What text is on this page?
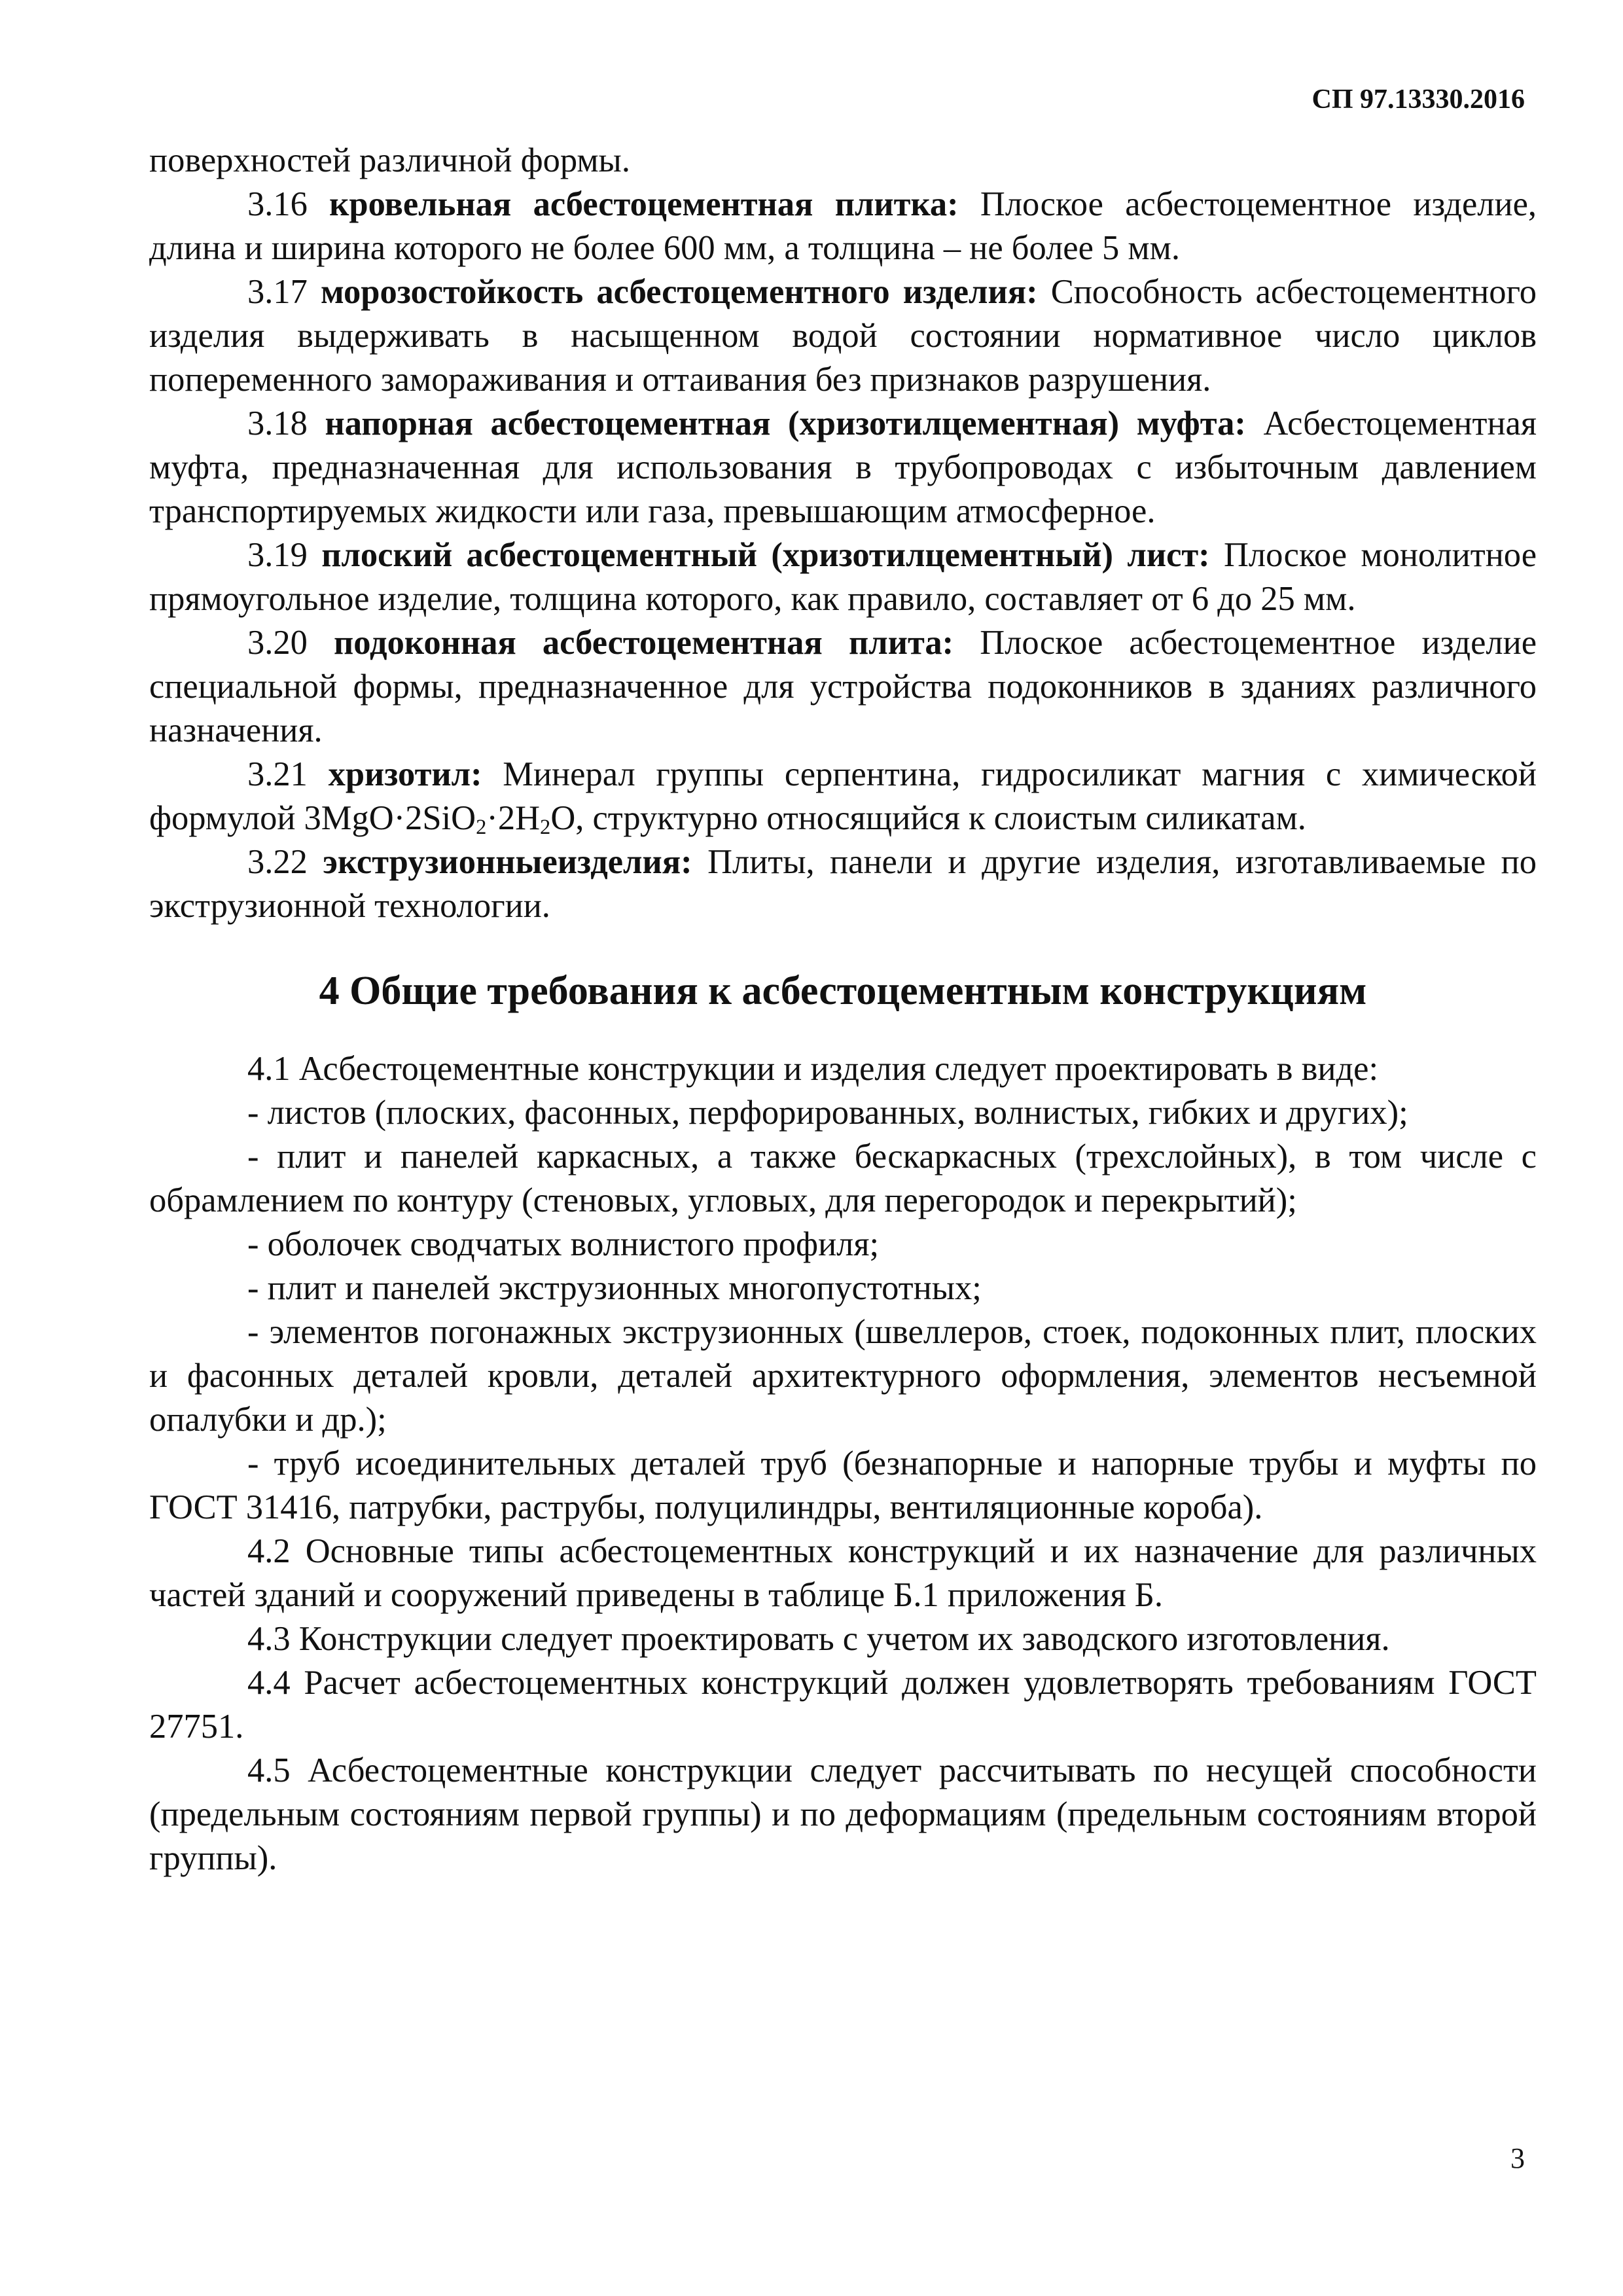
СП 97.13330.2016

поверхностей различной формы.

3.16 кровельная асбестоцементная плитка: Плоское асбестоцементное изделие, длина и ширина которого не более 600 мм, а толщина – не более 5 мм.

3.17 морозостойкость асбестоцементного изделия: Способность асбестоцементного изделия выдерживать в насыщенном водой состоянии нормативное число циклов попеременного замораживания и оттаивания без признаков разрушения.

3.18 напорная асбестоцементная (хризотилцементная) муфта: Асбестоцементная муфта, предназначенная для использования в трубопроводах с избыточным давлением транспортируемых жидкости или газа, превышающим атмосферное.

3.19 плоский асбестоцементный (хризотилцементный) лист: Плоское монолитное прямоугольное изделие, толщина которого, как правило, составляет от 6 до 25 мм.

3.20 подоконная асбестоцементная плита: Плоское асбестоцементное изделие специальной формы, предназначенное для устройства подоконников в зданиях различного назначения.

3.21 хризотил: Минерал группы серпентина, гидросиликат магния с химической формулой $3MgO\cdot 2SiO_2\cdot 2H_2O$, структурно относящийся к слоистым силикатам.

3.22 экструзионныеизделия: Плиты, панели и другие изделия, изготавливаемые по экструзионной технологии.

4 Общие требования к асбестоцементным конструкциям

4.1 Асбестоцементные конструкции и изделия следует проектировать в виде:

- листов (плоских, фасонных, перфорированных, волнистых, гибких и других);

- плит и панелей каркасных, а также бескаркасных (трехслойных), в том числе с обрамлением по контуру (стеновых, угловых, для перегородок и перекрытий);

- оболочек сводчатых волнистого профиля;

- плит и панелей экструзионных многопустотных;

- элементов погонажных экструзионных (швеллеров, стоек, подоконных плит, плоских и фасонных деталей кровли, деталей архитектурного оформления, элементов несъемной опалубки и др.);

- труб исоединительных деталей труб (безнапорные и напорные трубы и муфты по ГОСТ 31416, патрубки, раструбы, полуцилиндры, вентиляционные короба).

4.2 Основные типы асбестоцементных конструкций и их назначение для различных частей зданий и сооружений приведены в таблице Б.1 приложения Б.

4.3 Конструкции следует проектировать с учетом их заводского изготовления.

4.4 Расчет асбестоцементных конструкций должен удовлетворять требованиям ГОСТ 27751.

4.5 Асбестоцементные конструкции следует рассчитывать по несущей способности (предельным состояниям первой группы) и по деформациям (предельным состояниям второй группы).

3
